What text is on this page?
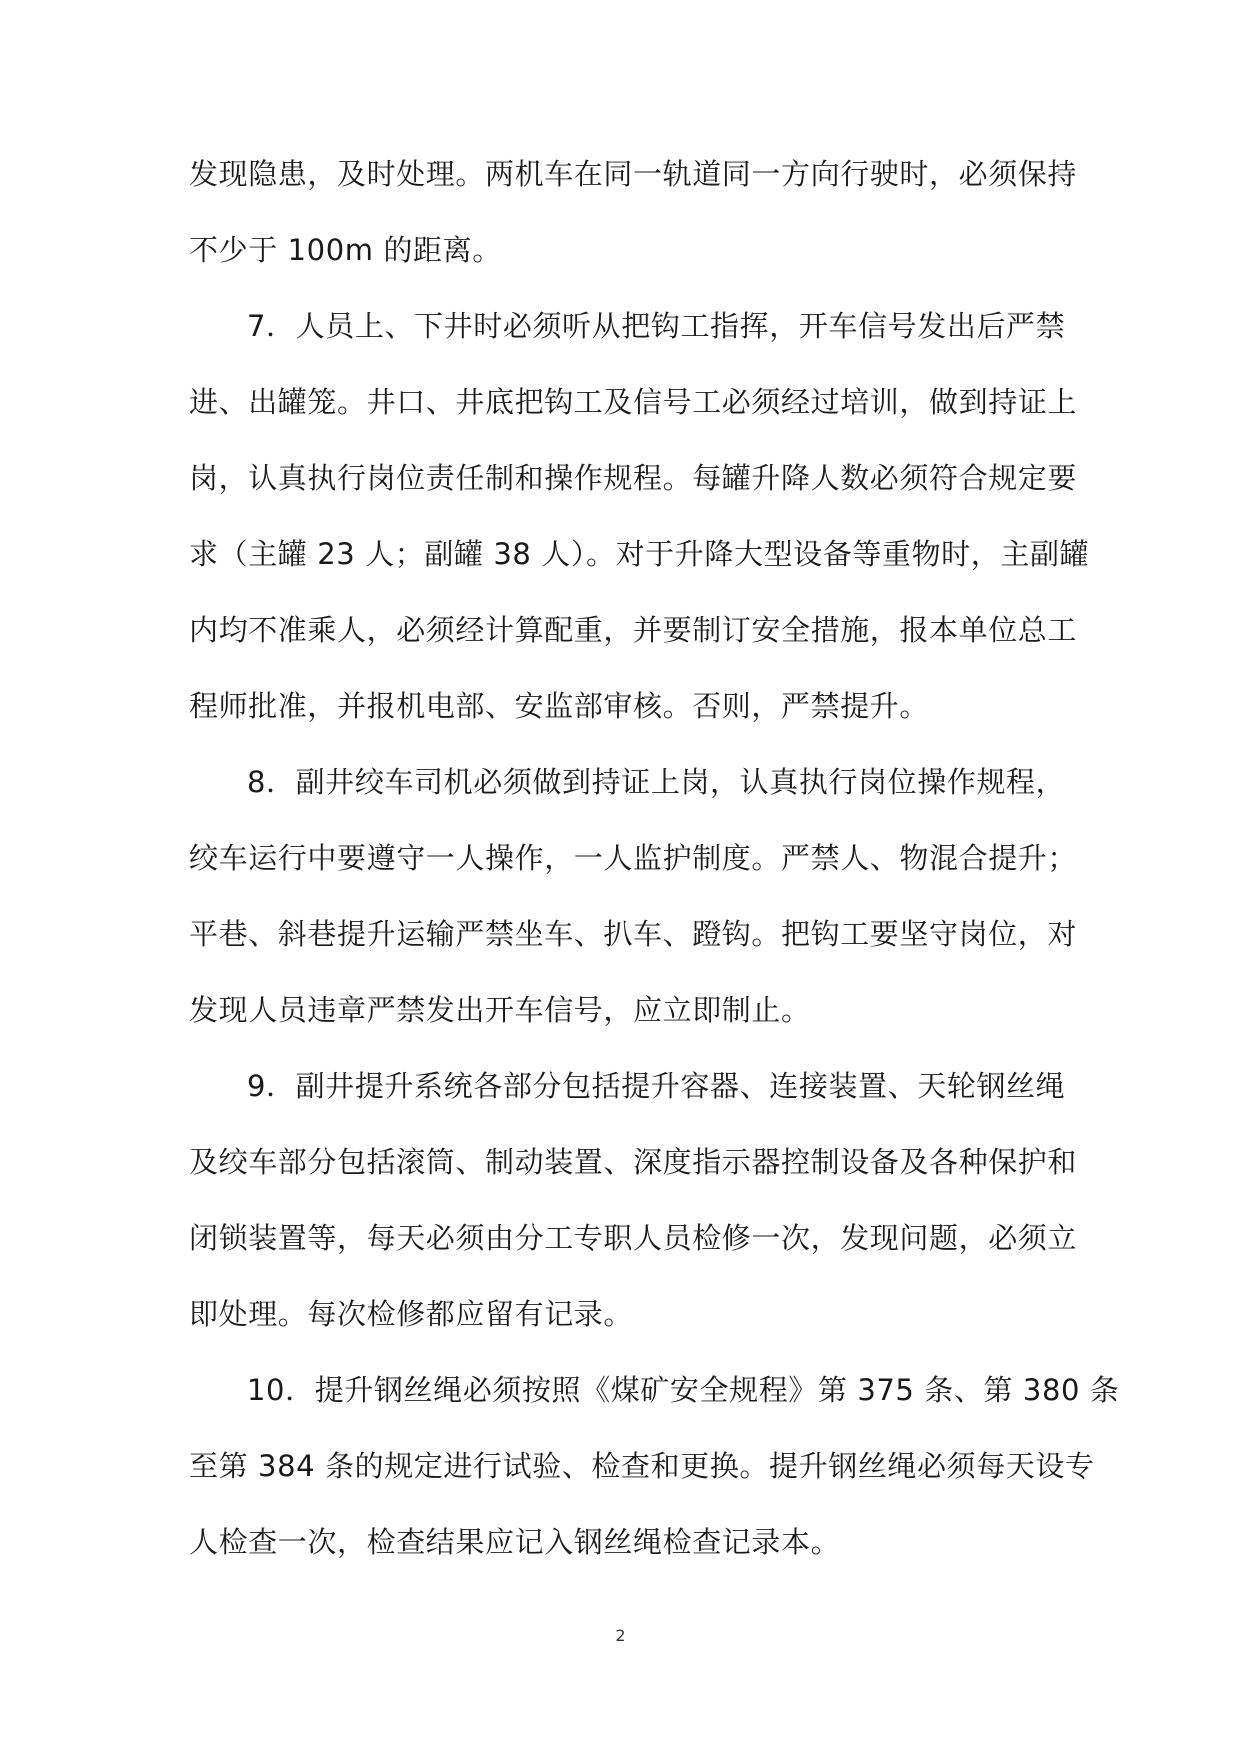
发现隐患，及时处理。两机车在同一轨道同一方向行驶时，必须保持
不少于 100m 的距离。
7．人员上、下井时必须听从把钩工指挥，开车信号发出后严禁
进、出罐笼。井口、井底把钩工及信号工必须经过培训，做到持证上
岗，认真执行岗位责任制和操作规程。每罐升降人数必须符合规定要
求（主罐 23 人；副罐 38 人）。对于升降大型设备等重物时，主副罐
内均不准乘人，必须经计算配重，并要制订安全措施，报本单位总工
程师批准，并报机电部、安监部审核。否则，严禁提升。
8．副井绞车司机必须做到持证上岗，认真执行岗位操作规程，
绞车运行中要遵守一人操作，一人监护制度。严禁人、物混合提升；
平巷、斜巷提升运输严禁坐车、扒车、蹬钩。把钩工要坚守岗位，对
发现人员违章严禁发出开车信号，应立即制止。
9．副井提升系统各部分包括提升容器、连接装置、天轮钢丝绳
及绞车部分包括滚筒、制动装置、深度指示器控制设备及各种保护和
闭锁装置等，每天必须由分工专职人员检修一次，发现问题，必须立
即处理。每次检修都应留有记录。
10．提升钢丝绳必须按照《煤矿安全规程》第 375 条、第 380 条
至第 384 条的规定进行试验、检查和更换。提升钢丝绳必须每天设专
人检查一次，检查结果应记入钢丝绳检查记录本。
2
